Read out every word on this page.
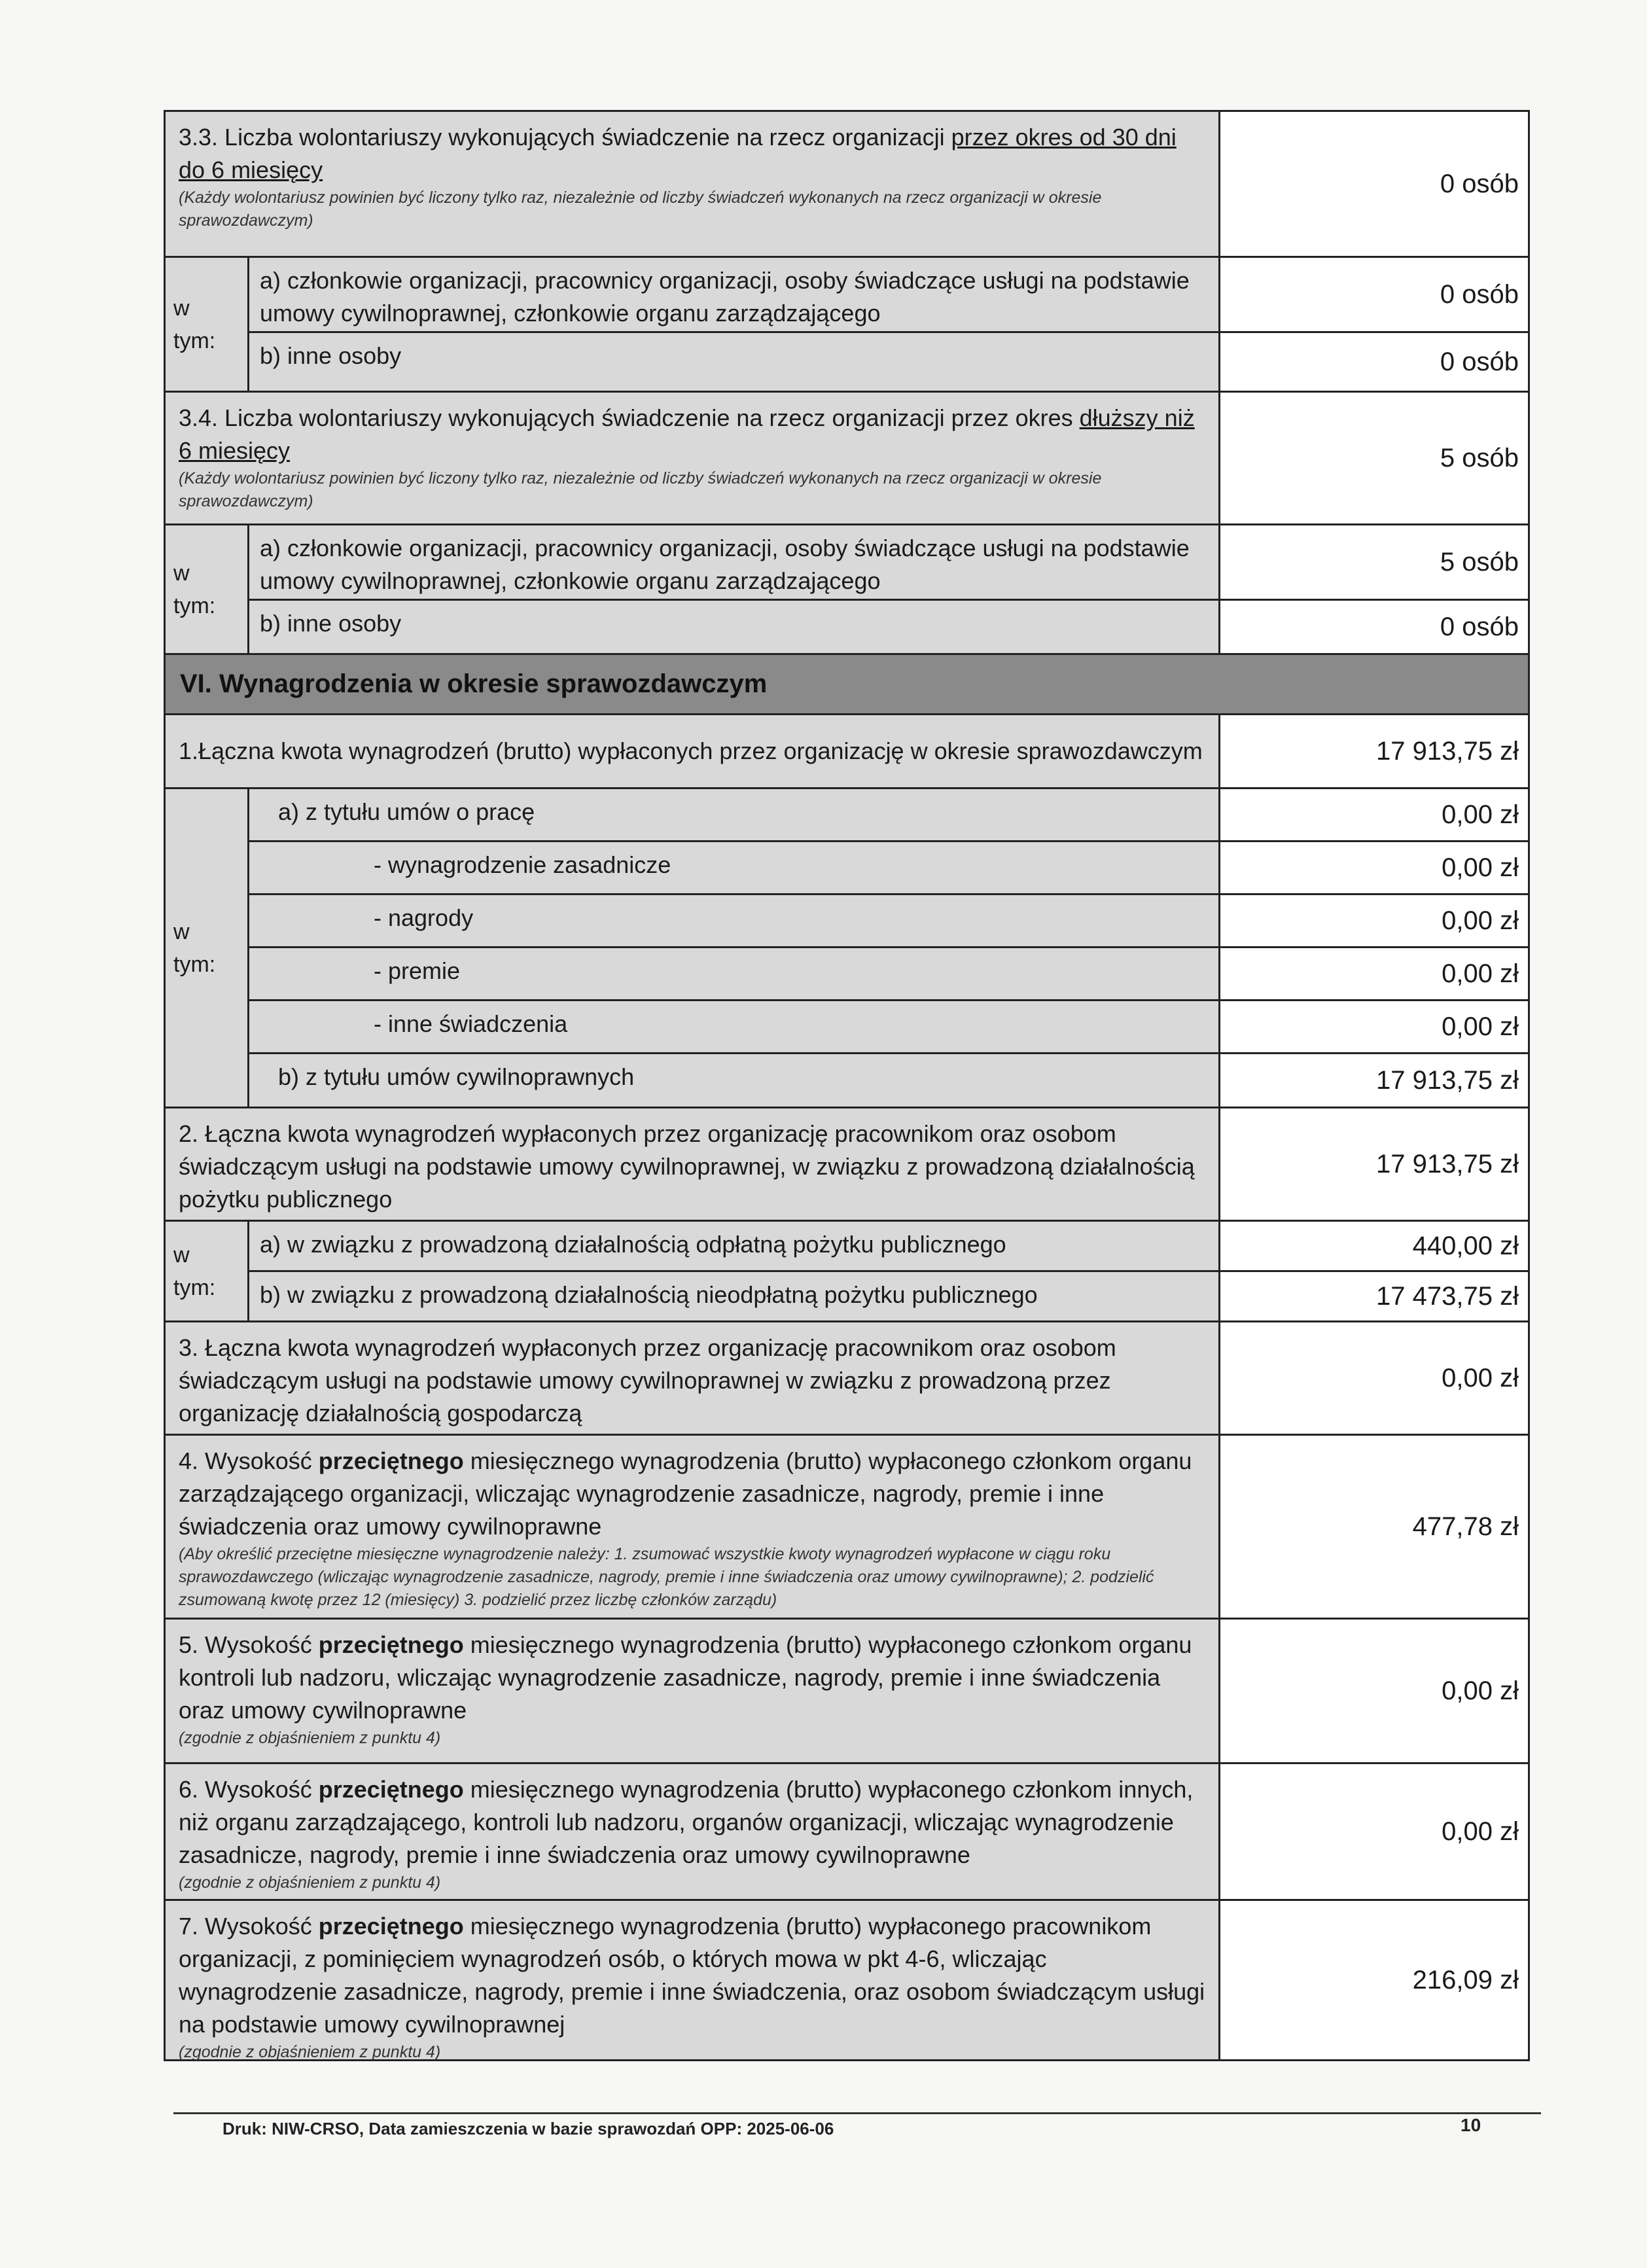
3.3. Liczba wolontariuszy wykonujących świadczenie na rzecz organizacji przez okres od 30 dni do 6 miesięcy
(Każdy wolontariusz powinien być liczony tylko raz, niezależnie od liczby świadczeń wykonanych na rzecz organizacji w okresie sprawozdawczym)
0 osób
w
tym:
a) członkowie organizacji, pracownicy organizacji, osoby świadczące usługi na podstawie umowy cywilnoprawnej, członkowie organu zarządzającego
0 osób
b) inne osoby	0 osób
3.4. Liczba wolontariuszy wykonujących świadczenie na rzecz organizacji przez okres dłuższy niż 6 miesięcy
(Każdy wolontariusz powinien być liczony tylko raz, niezależnie od liczby świadczeń wykonanych na rzecz organizacji w okresie sprawozdawczym)
5 osób
w
tym:
a) członkowie organizacji, pracownicy organizacji, osoby świadczące usługi na podstawie umowy cywilnoprawnej, członkowie organu zarządzającego
5 osób
b) inne osoby	0 osób
VI. Wynagrodzenia w okresie sprawozdawczym
1.Łączna kwota wynagrodzeń (brutto) wypłaconych przez organizację w okresie sprawozdawczym	17 913,75 zł
w
tym:
a) z tytułu umów o pracę	0,00 zł
- wynagrodzenie zasadnicze	0,00 zł
- nagrody	0,00 zł
- premie	0,00 zł
- inne świadczenia	0,00 zł
b) z tytułu umów cywilnoprawnych	17 913,75 zł
2. Łączna kwota wynagrodzeń wypłaconych przez organizację pracownikom oraz osobom świadczącym usługi na podstawie umowy cywilnoprawnej, w związku z prowadzoną działalnością pożytku publicznego
17 913,75 zł
w
tym:
a) w związku z prowadzoną działalnością odpłatną pożytku publicznego	440,00 zł
b) w związku z prowadzoną działalnością nieodpłatną pożytku publicznego	17 473,75 zł
3. Łączna kwota wynagrodzeń wypłaconych przez organizację pracownikom oraz osobom świadczącym usługi na podstawie umowy cywilnoprawnej w związku z prowadzoną przez organizację działalnością gospodarczą
0,00 zł
4. Wysokość przeciętnego miesięcznego wynagrodzenia (brutto) wypłaconego członkom organu zarządzającego organizacji, wliczając wynagrodzenie zasadnicze, nagrody, premie i inne świadczenia oraz umowy cywilnoprawne
(Aby określić przeciętne miesięczne wynagrodzenie należy: 1. zsumować wszystkie kwoty wynagrodzeń wypłacone w ciągu roku sprawozdawczego (wliczając wynagrodzenie zasadnicze, nagrody, premie i inne świadczenia oraz umowy cywilnoprawne); 2. podzielić zsumowaną kwotę przez 12 (miesięcy) 3. podzielić przez liczbę członków zarządu)
477,78 zł
5. Wysokość przeciętnego miesięcznego wynagrodzenia (brutto) wypłaconego członkom organu kontroli lub nadzoru, wliczając wynagrodzenie zasadnicze, nagrody, premie i inne świadczenia oraz umowy cywilnoprawne
(zgodnie z objaśnieniem z punktu 4)
0,00 zł
6. Wysokość przeciętnego miesięcznego wynagrodzenia (brutto) wypłaconego członkom innych, niż organu zarządzającego, kontroli lub nadzoru, organów organizacji, wliczając wynagrodzenie zasadnicze, nagrody, premie i inne świadczenia oraz umowy cywilnoprawne
(zgodnie z objaśnieniem z punktu 4)
0,00 zł
7. Wysokość przeciętnego miesięcznego wynagrodzenia (brutto) wypłaconego pracownikom organizacji, z pominięciem wynagrodzeń osób, o których mowa w pkt 4-6, wliczając wynagrodzenie zasadnicze, nagrody, premie i inne świadczenia, oraz osobom świadczącym usługi na podstawie umowy cywilnoprawnej
(zgodnie z objaśnieniem z punktu 4)
216,09 zł
Druk: NIW-CRSO, Data zamieszczenia w bazie sprawozdań OPP: 2025-06-06	10
